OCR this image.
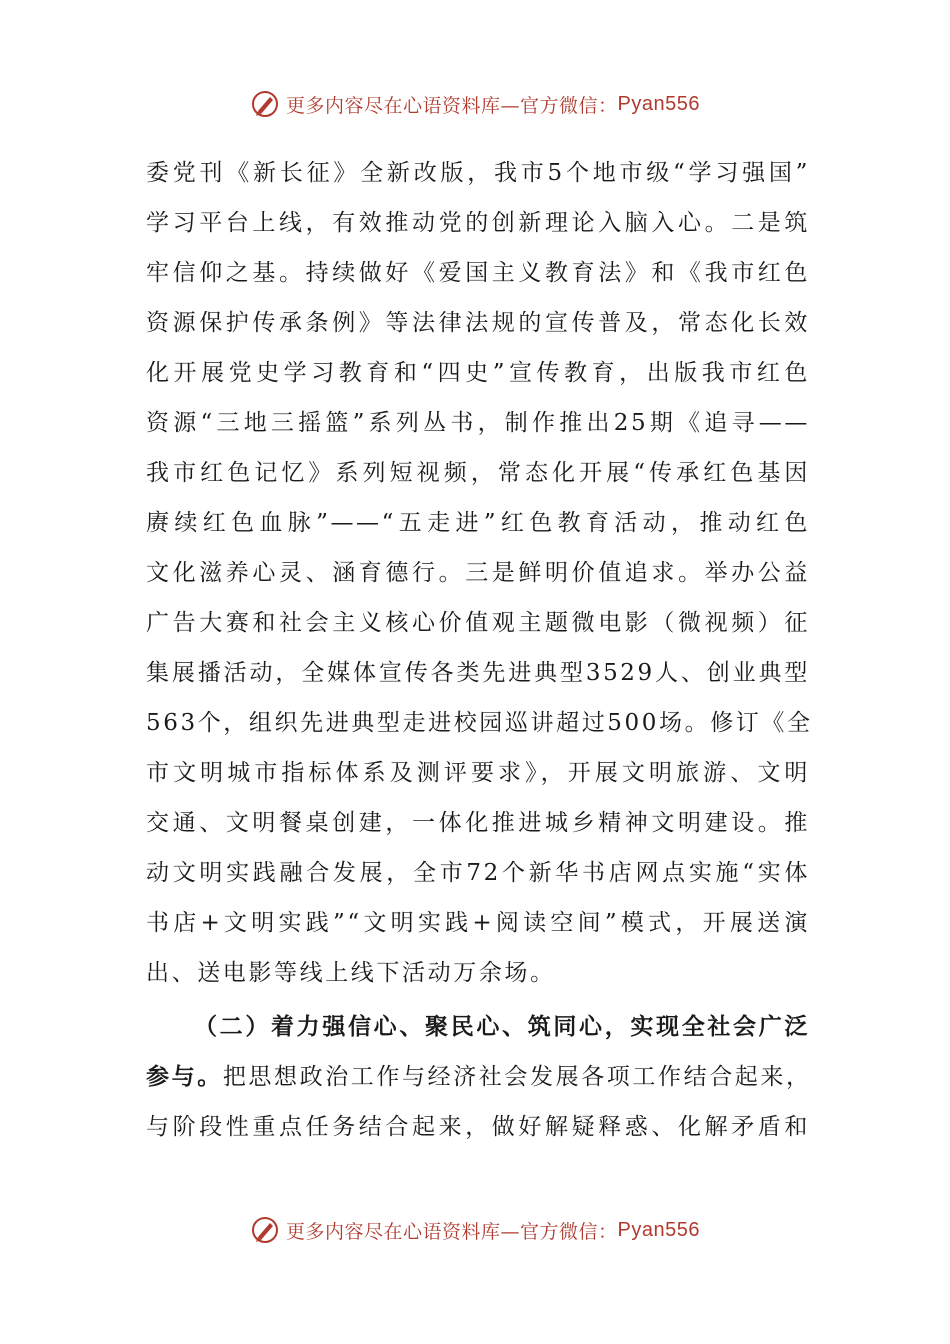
更多内容尽在心语资料库—官方微信： Pyan556
委党刊《新长征》全新改版，我市5个地市级“学习强国”
学习平台上线，有效推动党的创新理论入脑入心。二是筑
牢信仰之基。持续做好《爱国主义教育法》和《我市红色
资源保护传承条例》等法律法规的宣传普及，常态化长效
化开展党史学习教育和“四史”宣传教育，出版我市红色
资源“三地三摇篮”系列丛书，制作推出25期《追寻——
我市红色记忆》系列短视频，常态化开展“传承红色基因
赓续红色血脉”——“五走进”红色教育活动，推动红色
文化滋养心灵、涵育德行。三是鲜明价值追求。举办公益
广告大赛和社会主义核心价值观主题微电影（微视频）征
集展播活动，全媒体宣传各类先进典型3529人、创业典型
563个，组织先进典型走进校园巡讲超过500场。修订《全
市文明城市指标体系及测评要求》，开展文明旅游、文明
交通、文明餐桌创建，一体化推进城乡精神文明建设。推
动文明实践融合发展，全市72个新华书店网点实施“实体
书店+文明实践”“文明实践+阅读空间”模式，开展送演
出、送电影等线上线下活动万余场。
（二）着力强信心、聚民心、筑同心，实现全社会广泛
参与。把思想政治工作与经济社会发展各项工作结合起来，
与阶段性重点任务结合起来，做好解疑释惑、化解矛盾和
更多内容尽在心语资料库—官方微信： Pyan556
